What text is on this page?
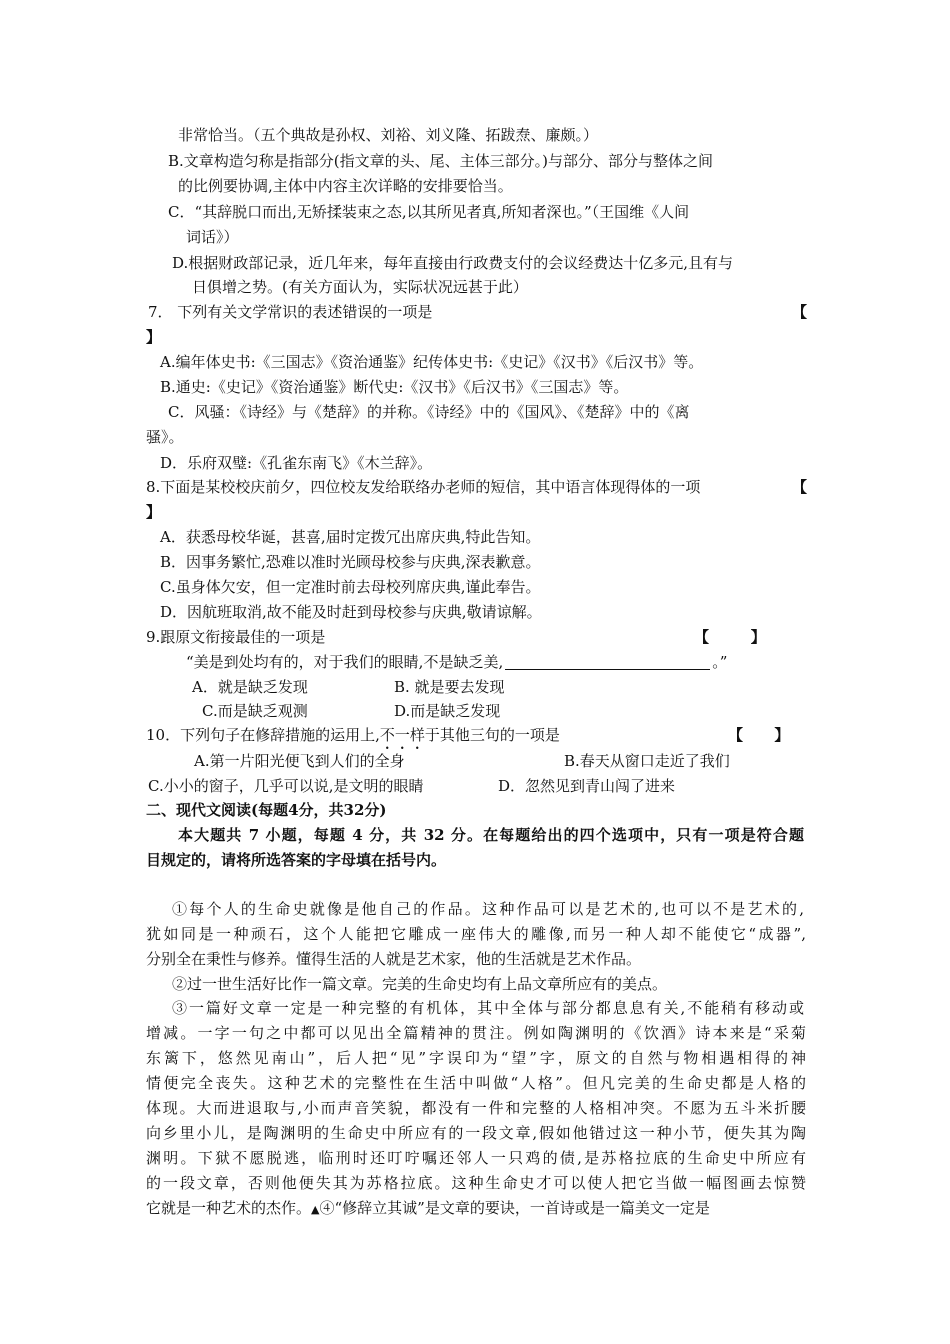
非常恰当。（五个典故是孙权、刘裕、刘义隆、拓跋焘、廉颇。）
B.文章构造匀称是指部分(指文章的头、尾、主体三部分。)与部分、部分与整体之间
的比例要协调,主体中内容主次详略的安排要恰当。
C．“其辞脱口而出,无矫揉装束之态,以其所见者真,所知者深也。”（王国维《人间
词话》）
D.根据财政部记录，近几年来，每年直接由行政费支付的会议经费达十亿多元,且有与
日俱增之势。(有关方面认为，实际状况远甚于此）
7． 下列有关文学常识的表述错误的一项是	【
】
A.编年体史书:《三国志》《资治通鉴》纪传体史书:《史记》《汉书》《后汉书》等。
B.通史:《史记》《资治通鉴》断代史:《汉书》《后汉书》《三国志》等。
C．风骚：《诗经》与《楚辞》的并称。《诗经》中的《国风》、《楚辞》中的《离
骚》。
D．乐府双璧:《孔雀东南飞》《木兰辞》。
8.下面是某校校庆前夕，四位校友发给联络办老师的短信，其中语言体现得体的一项	【
】
A．获悉母校华诞，甚喜,届时定拨冗出席庆典,特此告知。
B．因事务繁忙,恐难以准时光顾母校参与庆典,深表歉意。
C.虽身体欠安，但一定准时前去母校列席庆典,谨此奉告。
D．因航班取消,故不能及时赶到母校参与庆典,敬请谅解。
9.跟原文衔接最佳的一项是	【        】
“美是到处均有的，对于我们的眼睛,不是缺乏美,	。”
A．就是缺乏发现	B. 就是要去发现
C.而是缺乏观测	D.而是缺乏发现
10．下列句子在修辞措施的运用上,不一样于其他三句的一项是	【      】
A.第一片阳光便飞到人们的全身	B.春天从窗口走近了我们
C.小小的窗子，几乎可以说,是文明的眼睛	D．忽然见到青山闯了进来
二、现代文阅读(每题4分，共32分)
本大题共 7 小题，每题 4 分，共 32 分。在每题给出的四个选项中，只有一项是符合题
目规定的，请将所选答案的字母填在括号内。
①每个人的生命史就像是他自己的作品。这种作品可以是艺术的,也可以不是艺术的,
犹如同是一种顽石，这个人能把它雕成一座伟大的雕像,而另一种人却不能使它“成器”,
分别全在秉性与修养。懂得生活的人就是艺术家，他的生活就是艺术作品。
②过一世生活好比作一篇文章。完美的生命史均有上品文章所应有的美点。
③一篇好文章一定是一种完整的有机体，其中全体与部分都息息有关,不能稍有移动或
增减。一字一句之中都可以见出全篇精神的贯注。例如陶渊明的《饮酒》诗本来是“采菊
东篱下，悠然见南山”，后人把“见”字误印为“望”字，原文的自然与物相遇相得的神
情便完全丧失。这种艺术的完整性在生活中叫做“人格”。但凡完美的生命史都是人格的
体现。大而进退取与,小而声音笑貌，都没有一件和完整的人格相冲突。不愿为五斗米折腰
向乡里小儿，是陶渊明的生命史中所应有的一段文章,假如他错过这一种小节，便失其为陶
渊明。下狱不愿脱逃，临刑时还叮咛嘱还邻人一只鸡的债,是苏格拉底的生命史中所应有
的一段文章，否则他便失其为苏格拉底。这种生命史才可以使人把它当做一幅图画去惊赞
它就是一种艺术的杰作。▲④“修辞立其诚”是文章的要诀，一首诗或是一篇美文一定是
